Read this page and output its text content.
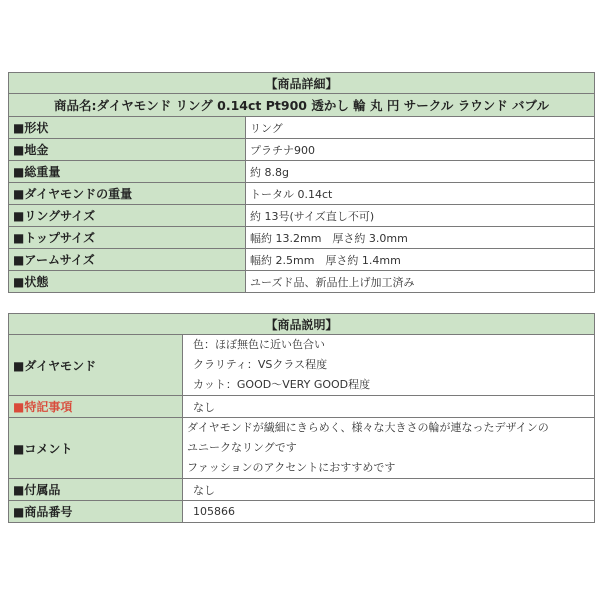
【商品詳細】	
商品名:ダイヤモンド リング 0.14ct Pt900 透かし 輪 丸 円 サークル ラウンド バブル	
■形状	リング
■地金	プラチナ900
■総重量	約 8.8g
■ダイヤモンドの重量	トータル 0.14ct
■リングサイズ	約 13号(サイズ直し不可)
■トップサイズ	幅約 13.2mm　厚さ約 3.0mm
■アームサイズ	幅約 2.5mm　厚さ約 1.4mm
■状態	ユーズド品、新品仕上げ加工済み
【商品説明】	
■ダイヤモンド	色：ほぼ無色に近い色合い
クラリティ：VSクラス程度
カット：GOOD～VERY GOOD程度

■特記事項	なし
■コメント	ダイヤモンドが繊細にきらめく、様々な大きさの輪が連なったデザインの
ユニークなリングです
ファッションのアクセントにおすすめです

■付属品	なし
■商品番号	105866
